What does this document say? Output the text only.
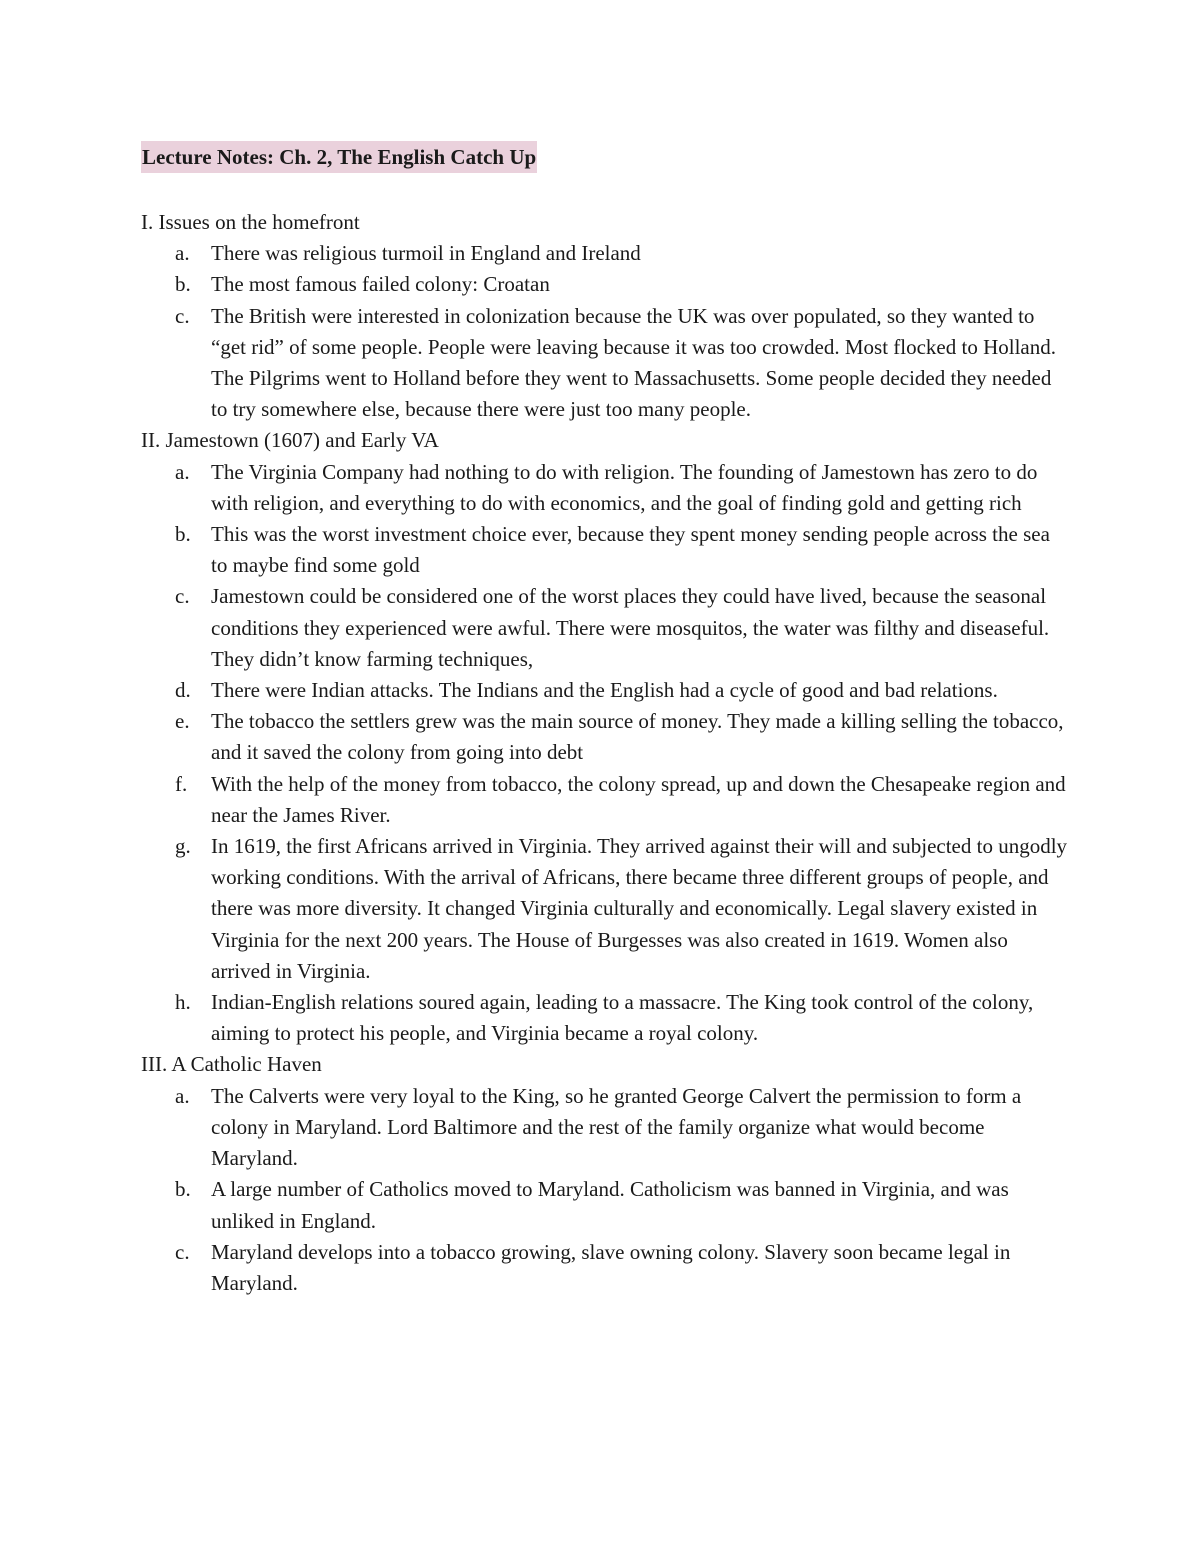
Lecture Notes: Ch. 2, The English Catch Up
I. Issues on the homefront
a. There was religious turmoil in England and Ireland
b. The most famous failed colony: Croatan
c. The British were interested in colonization because the UK was over populated, so they wanted to “get rid” of some people. People were leaving because it was too crowded. Most flocked to Holland. The Pilgrims went to Holland before they went to Massachusetts. Some people decided they needed to try somewhere else, because there were just too many people.
II. Jamestown (1607) and Early VA
a. The Virginia Company had nothing to do with religion. The founding of Jamestown has zero to do with religion, and everything to do with economics, and the goal of finding gold and getting rich
b. This was the worst investment choice ever, because they spent money sending people across the sea to maybe find some gold
c. Jamestown could be considered one of the worst places they could have lived, because the seasonal conditions they experienced were awful. There were mosquitos, the water was filthy and diseaseful. They didn’t know farming techniques,
d. There were Indian attacks. The Indians and the English had a cycle of good and bad relations.
e. The tobacco the settlers grew was the main source of money. They made a killing selling the tobacco, and it saved the colony from going into debt
f. With the help of the money from tobacco, the colony spread, up and down the Chesapeake region and near the James River.
g. In 1619, the first Africans arrived in Virginia. They arrived against their will and subjected to ungodly working conditions. With the arrival of Africans, there became three different groups of people, and there was more diversity. It changed Virginia culturally and economically. Legal slavery existed in Virginia for the next 200 years. The House of Burgesses was also created in 1619. Women also arrived in Virginia.
h. Indian-English relations soured again, leading to a massacre. The King took control of the colony, aiming to protect his people, and Virginia became a royal colony.
III. A Catholic Haven
a. The Calverts were very loyal to the King, so he granted George Calvert the permission to form a colony in Maryland. Lord Baltimore and the rest of the family organize what would become Maryland.
b. A large number of Catholics moved to Maryland. Catholicism was banned in Virginia, and was unliked in England.
c. Maryland develops into a tobacco growing, slave owning colony. Slavery soon became legal in Maryland.
